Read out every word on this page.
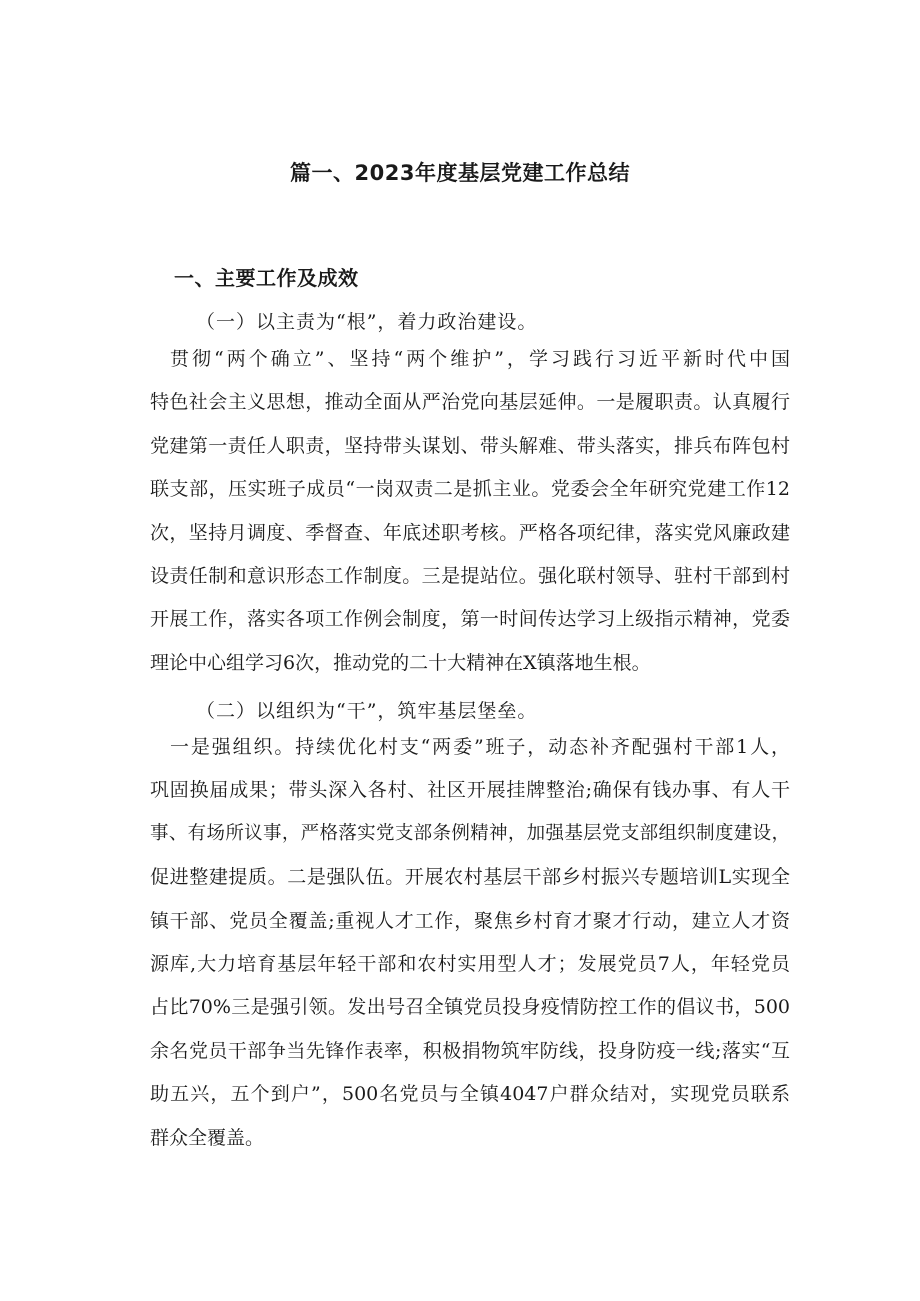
篇一、2023年度基层党建工作总结
一、主要工作及成效
（一）以主责为“根”，着力政治建设。
贯彻“两个确立”、坚持“两个维护”，学习践行习近平新时代中国
特色社会主义思想，推动全面从严治党向基层延伸。一是履职责。认真履行
党建第一责任人职责，坚持带头谋划、带头解难、带头落实，排兵布阵包村
联支部，压实班子成员“一岗双责二是抓主业。党委会全年研究党建工作12
次，坚持月调度、季督查、年底述职考核。严格各项纪律，落实党风廉政建
设责任制和意识形态工作制度。三是提站位。强化联村领导、驻村干部到村
开展工作，落实各项工作例会制度，第一时间传达学习上级指示精神，党委
理论中心组学习6次，推动党的二十大精神在X镇落地生根。
（二）以组织为“干”，筑牢基层堡垒。
一是强组织。持续优化村支“两委”班子，动态补齐配强村干部1人，
巩固换届成果；带头深入各村、社区开展挂牌整治;确保有钱办事、有人干
事、有场所议事，严格落实党支部条例精神，加强基层党支部组织制度建设，
促进整建提质。二是强队伍。开展农村基层干部乡村振兴专题培训L实现全
镇干部、党员全覆盖;重视人才工作，聚焦乡村育才聚才行动，建立人才资
源库,大力培育基层年轻干部和农村实用型人才；发展党员7人，年轻党员
占比70%三是强引领。发出号召全镇党员投身疫情防控工作的倡议书，500
余名党员干部争当先锋作表率，积极捐物筑牢防线，投身防疫一线;落实“互
助五兴，五个到户”，500名党员与全镇4047户群众结对，实现党员联系
群众全覆盖。
